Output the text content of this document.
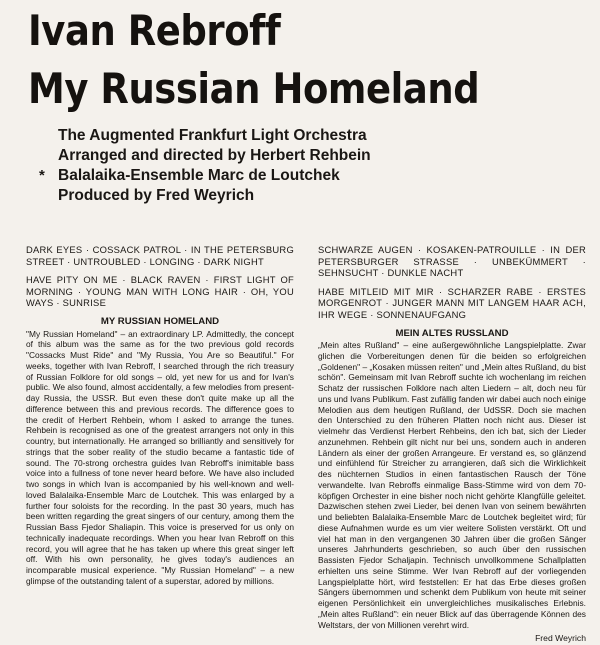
Ivan Rebroff
My Russian Homeland
The Augmented Frankfurt Light Orchestra
Arranged and directed by Herbert Rehbein
* Balalaika-Ensemble Marc de Loutchek
Produced by Fred Weyrich

DARK EYES · COSSACK PATROL · IN THE PETERSBURG STREET · UNTROUBLED · LONGING · DARK NIGHT

HAVE PITY ON ME · BLACK RAVEN · FIRST LIGHT OF MORNING · YOUNG MAN WITH LONG HAIR · OH, YOU WAYS · SUNRISE

MY RUSSIAN HOMELAND

"My Russian Homeland" – an extraordinary LP. Admittedly, the concept of this album was the same as for the two previous gold records "Cossacks Must Ride" and "My Russia, You Are so Beautiful." For weeks, together with Ivan Rebroff, I searched through the rich treasury of Russian Folklore for old songs – old, yet new for us and for Ivan's public. We also found, almost accidentally, a few melodies from present-day Russia, the USSR. But even these don't quite make up all the difference between this and previous records. The difference goes to the credit of Herbert Rehbein, whom I asked to arrange the tunes. Rehbein is recognised as one of the greatest arrangers not only in this country, but internationally. He arranged so brilliantly and sensitively for strings that the sober reality of the studio became a fantastic tide of sound. The 70-strong orchestra guides Ivan Rebroff's inimitable bass voice into a fullness of tone never heard before. We have also included two songs in which Ivan is accompanied by his well-known and well-loved Balalaika-Ensemble Marc de Loutchek. This was enlarged by a further four soloists for the recording. In the past 30 years, much has been written regarding the great singers of our century, among them the Russian Bass Fjedor Shaliapin. This voice is preserved for us only on technically inadequate recordings. When you hear Ivan Rebroff on this record, you will agree that he has taken up where this great singer left off. With his own personality, he gives today's audiences an incomparable musical experience. "My Russian Homeland" – a new glimpse of the outstanding talent of a superstar, adored by millions.

SCHWARZE AUGEN · KOSAKEN-PATROUILLE · IN DER PETERSBURGER STRASSE · UNBEKÜMMERT · SEHNSUCHT · DUNKLE NACHT

HABE MITLEID MIT MIR · SCHARZER RABE · ERSTES MORGENROT · JUNGER MANN MIT LANGEM HAAR ACH, IHR WEGE · SONNENAUFGANG

MEIN ALTES RUSSLAND

„Mein altes Rußland" – eine außergewöhnliche Langspielplatte. Zwar glichen die Vorbereitungen denen für die beiden so erfolgreichen „Goldenen" – „Kosaken müssen reiten" und „Mein altes Rußland, du bist schön". Gemeinsam mit Ivan Rebroff suchte ich wochenlang im reichen Schatz der russischen Folklore nach alten Liedern – alt, doch neu für uns und Ivans Publikum. Fast zufällig fanden wir dabei auch noch einige Melodien aus dem heutigen Rußland, der UdSSR. Doch sie machen den Unterschied zu den früheren Platten noch nicht aus. Dieser ist vielmehr das Verdienst Herbert Rehbeins, den ich bat, sich der Lieder anzunehmen. Rehbein gilt nicht nur bei uns, sondern auch in anderen Ländern als einer der großen Arrangeure. Er verstand es, so glänzend und einfühlend für Streicher zu arrangieren, daß sich die Wirklichkeit des nüchternen Studios in einen fantastischen Rausch der Töne verwandelte. Ivan Rebroffs einmalige Bass-Stimme wird von dem 70-köpfigen Orchester in eine bisher noch nicht gehörte Klangfülle geleitet. Dazwischen stehen zwei Lieder, bei denen Ivan von seinem bewährten und beliebten Balalaika-Ensemble Marc de Loutchek begleitet wird; für diese Aufnahmen wurde es um vier weitere Solisten verstärkt. Oft und viel hat man in den vergangenen 30 Jahren über die großen Sänger unseres Jahrhunderts geschrieben, so auch über den russischen Bassisten Fjedor Schaljapin. Technisch unvollkommene Schallplatten erhielten uns seine Stimme. Wer Ivan Rebroff auf der vorliegenden Langspielplatte hört, wird feststellen: Er hat das Erbe dieses großen Sängers übernommen und schenkt dem Publikum von heute mit seiner eigenen Persönlichkeit ein unvergleichliches musikalisches Erlebnis. „Mein altes Rußland": ein neuer Blick auf das überragende Können des Weltstars, der von Millionen verehrt wird.

Fred Weyrich
